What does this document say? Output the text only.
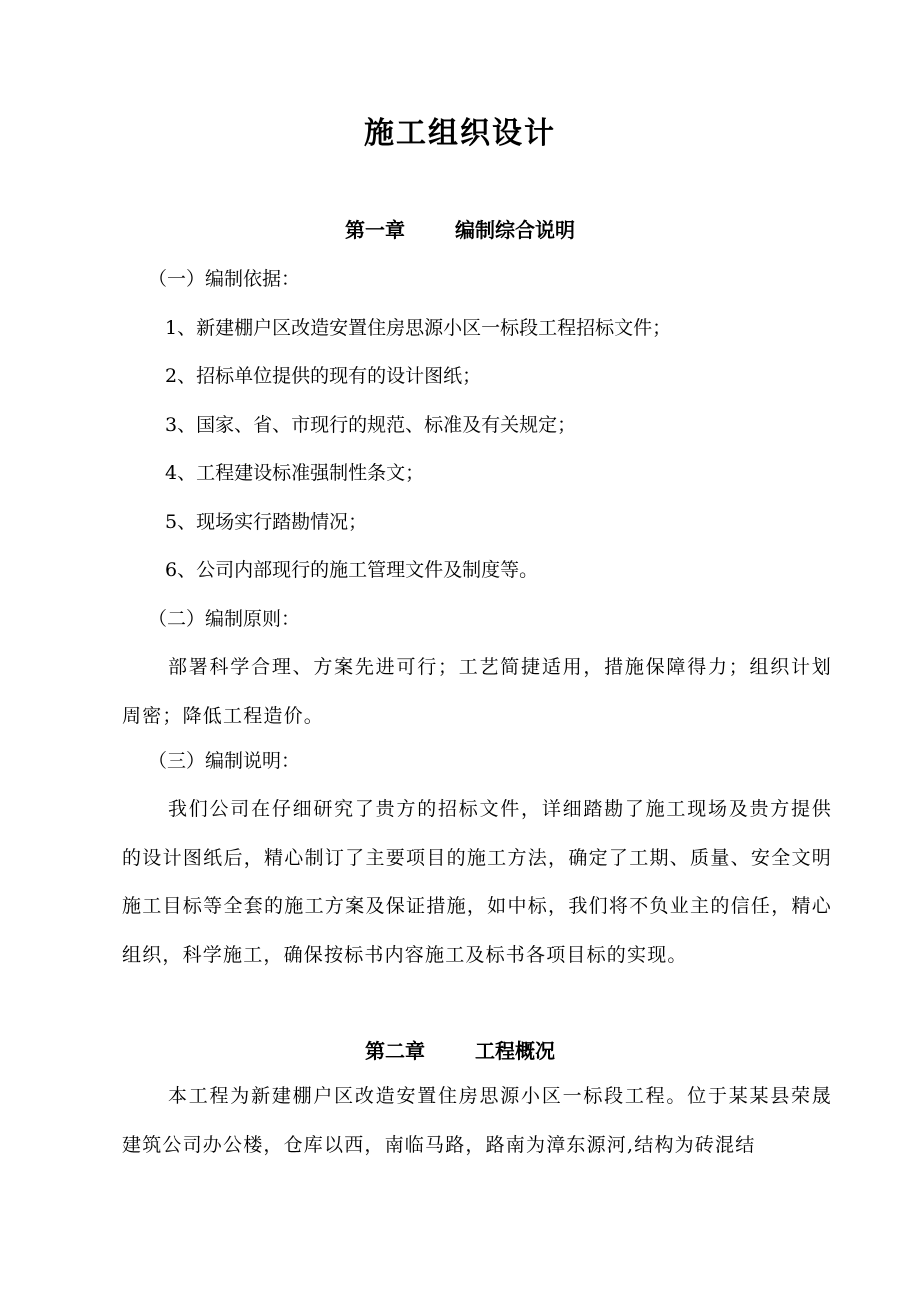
施工组织设计
第一章	编制综合说明
（一）编制依据：
1、新建棚户区改造安置住房思源小区一标段工程招标文件；
2、招标单位提供的现有的设计图纸；
3、国家、省、市现行的规范、标准及有关规定；
4、工程建设标准强制性条文；
5、现场实行踏勘情况；
6、公司内部现行的施工管理文件及制度等。
（二）编制原则：
部署科学合理、方案先进可行；工艺简捷适用，措施保障得力；组织计划周密；降低工程造价。
（三）编制说明：
我们公司在仔细研究了贵方的招标文件，详细踏勘了施工现场及贵方提供的设计图纸后，精心制订了主要项目的施工方法，确定了工期、质量、安全文明施工目标等全套的施工方案及保证措施，如中标，我们将不负业主的信任，精心组织，科学施工，确保按标书内容施工及标书各项目标的实现。
第二章	工程概况
本工程为新建棚户区改造安置住房思源小区一标段工程。位于某某县荣晟建筑公司办公楼，仓库以西，南临马路，路南为漳东源河,结构为砖混结
